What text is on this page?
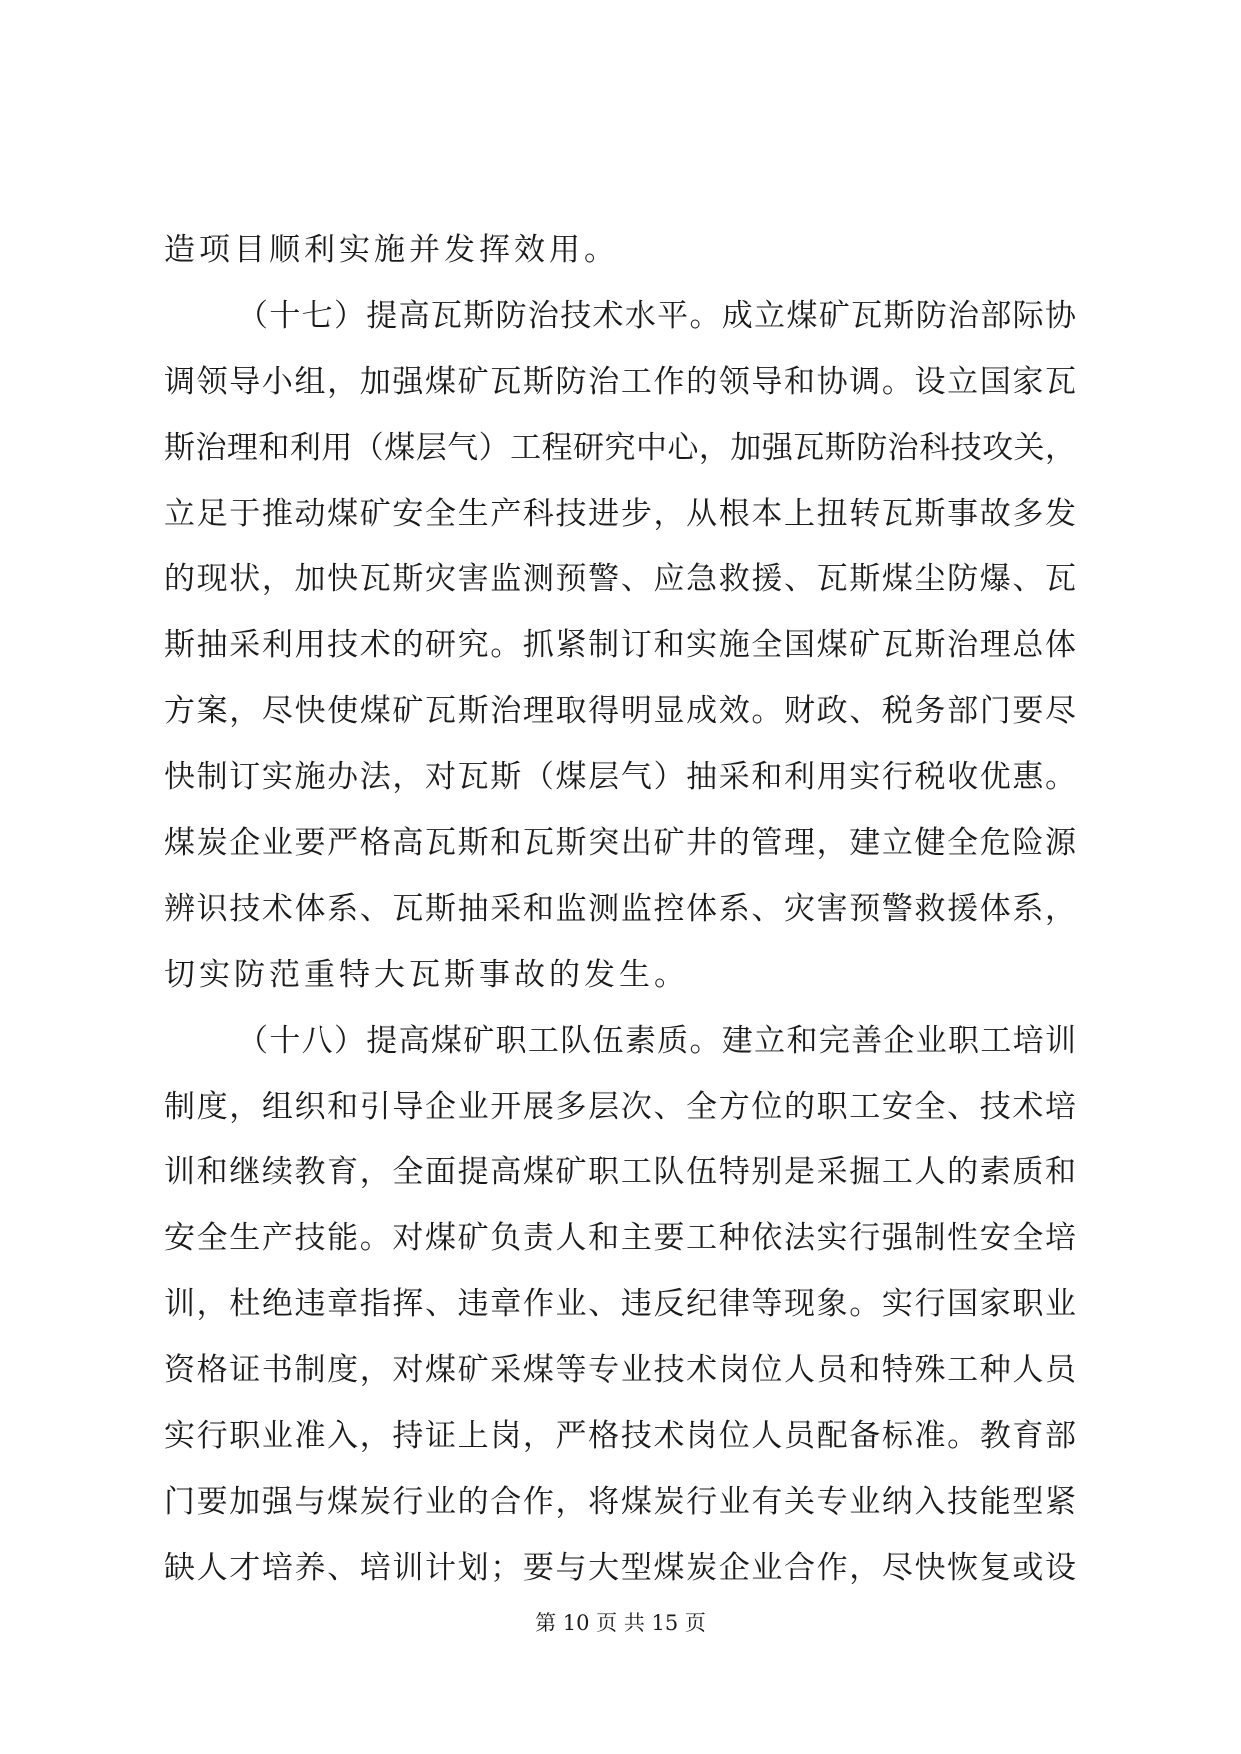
造项目顺利实施并发挥效用。
（十七）提高瓦斯防治技术水平。成立煤矿瓦斯防治部际协
调领导小组，加强煤矿瓦斯防治工作的领导和协调。设立国家瓦
斯治理和利用（煤层气）工程研究中心，加强瓦斯防治科技攻关，
立足于推动煤矿安全生产科技进步，从根本上扭转瓦斯事故多发
的现状，加快瓦斯灾害监测预警、应急救援、瓦斯煤尘防爆、瓦
斯抽采利用技术的研究。抓紧制订和实施全国煤矿瓦斯治理总体
方案，尽快使煤矿瓦斯治理取得明显成效。财政、税务部门要尽
快制订实施办法，对瓦斯（煤层气）抽采和利用实行税收优惠。
煤炭企业要严格高瓦斯和瓦斯突出矿井的管理，建立健全危险源
辨识技术体系、瓦斯抽采和监测监控体系、灾害预警救援体系，
切实防范重特大瓦斯事故的发生。
（十八）提高煤矿职工队伍素质。建立和完善企业职工培训
制度，组织和引导企业开展多层次、全方位的职工安全、技术培
训和继续教育，全面提高煤矿职工队伍特别是采掘工人的素质和
安全生产技能。对煤矿负责人和主要工种依法实行强制性安全培
训，杜绝违章指挥、违章作业、违反纪律等现象。实行国家职业
资格证书制度，对煤矿采煤等专业技术岗位人员和特殊工种人员
实行职业准入，持证上岗，严格技术岗位人员配备标准。教育部
门要加强与煤炭行业的合作，将煤炭行业有关专业纳入技能型紧
缺人才培养、培训计划；要与大型煤炭企业合作，尽快恢复或设
第 10 页 共 15 页
